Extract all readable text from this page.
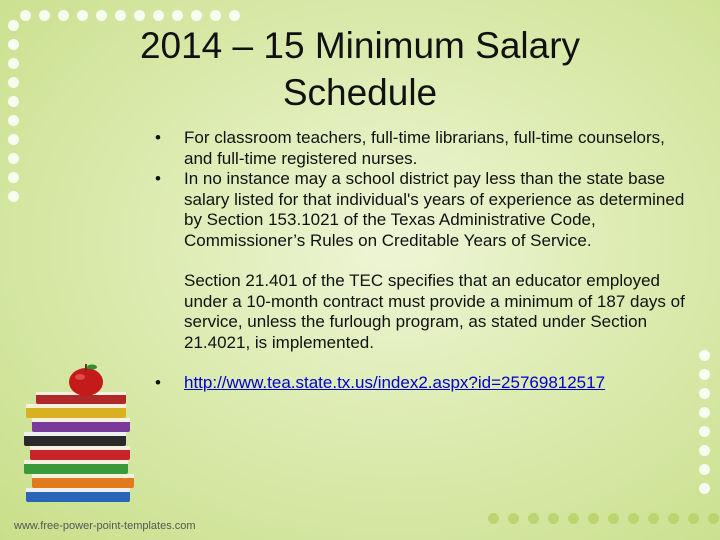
2014 – 15 Minimum Salary
Schedule
•	For classroom teachers, full-time librarians, full-time counselors, and full-time registered nurses.
•	In no instance may a school district pay less than the state base salary listed for that individual's years of experience as determined by Section 153.1021 of the Texas Administrative Code, Commissioner’s Rules on Creditable Years of Service.
Section 21.401 of the TEC specifies that an educator employed under a 10-month contract must provide a minimum of 187 days of service, unless the furlough program, as stated under Section 21.4021, is implemented.
•	http://www.tea.state.tx.us/index2.aspx?id=25769812517
www.free-power-point-templates.com
